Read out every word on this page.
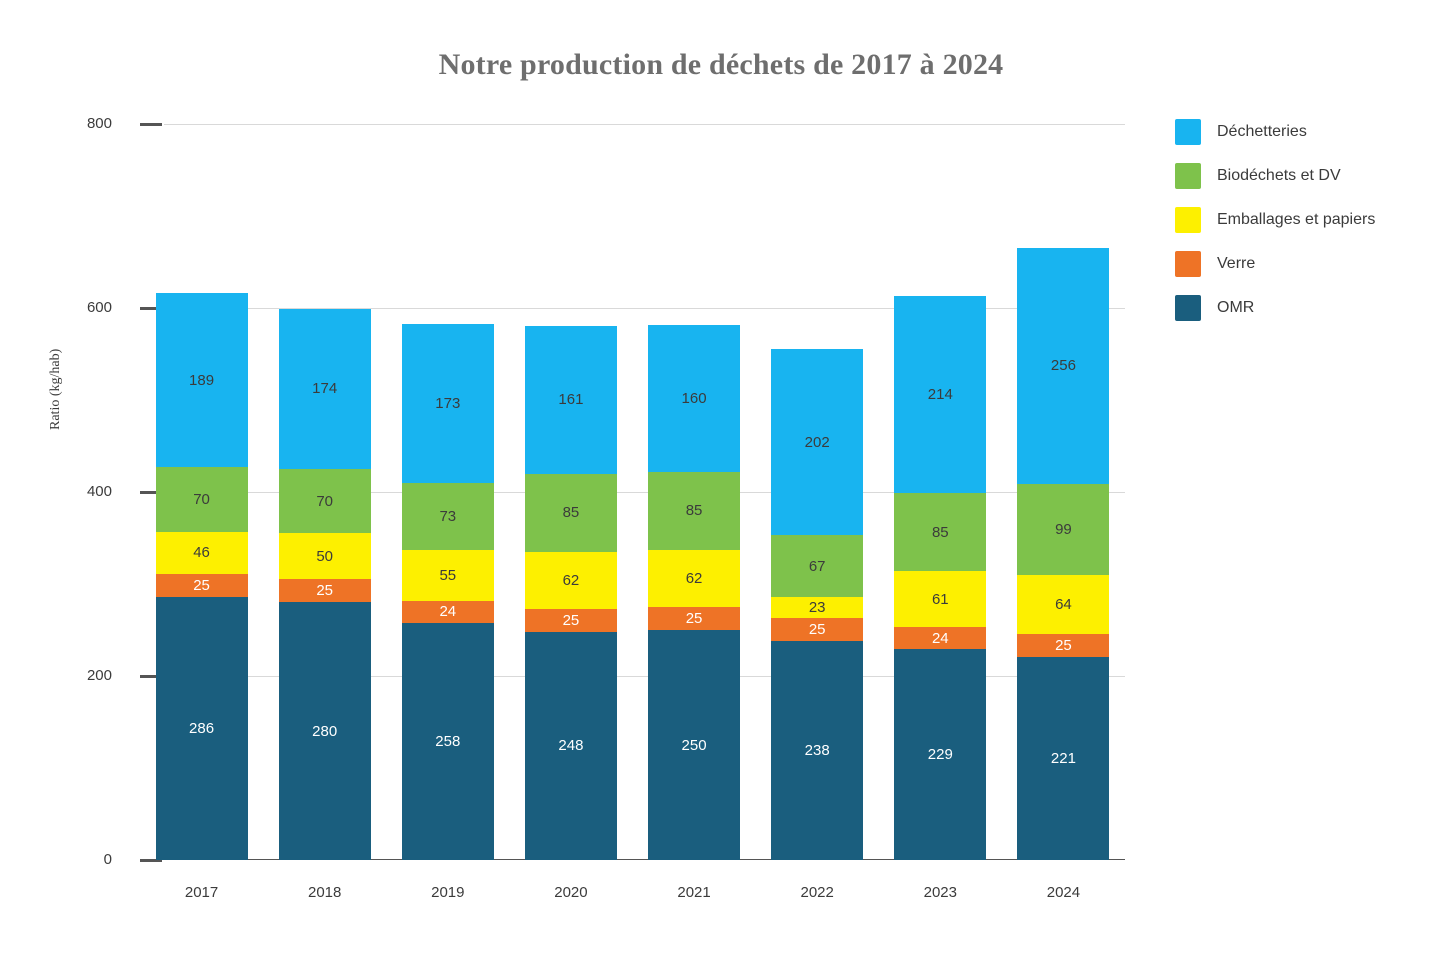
Notre production de déchets de 2017 à 2024
Ratio (kg/hab)
286
25
46
70
189
280
25
50
70
174
258
24
55
73
173
248
25
62
85
161
250
25
62
85
160
238
25
23
67
202
229
24
61
85
214
221
25
64
99
256
0
200
400
600
800
2017	2018	2019	2020	2021	2022	2023	2024
Déchetteries
Biodéchets et DV
Emballages et papiers
Verre
OMR
